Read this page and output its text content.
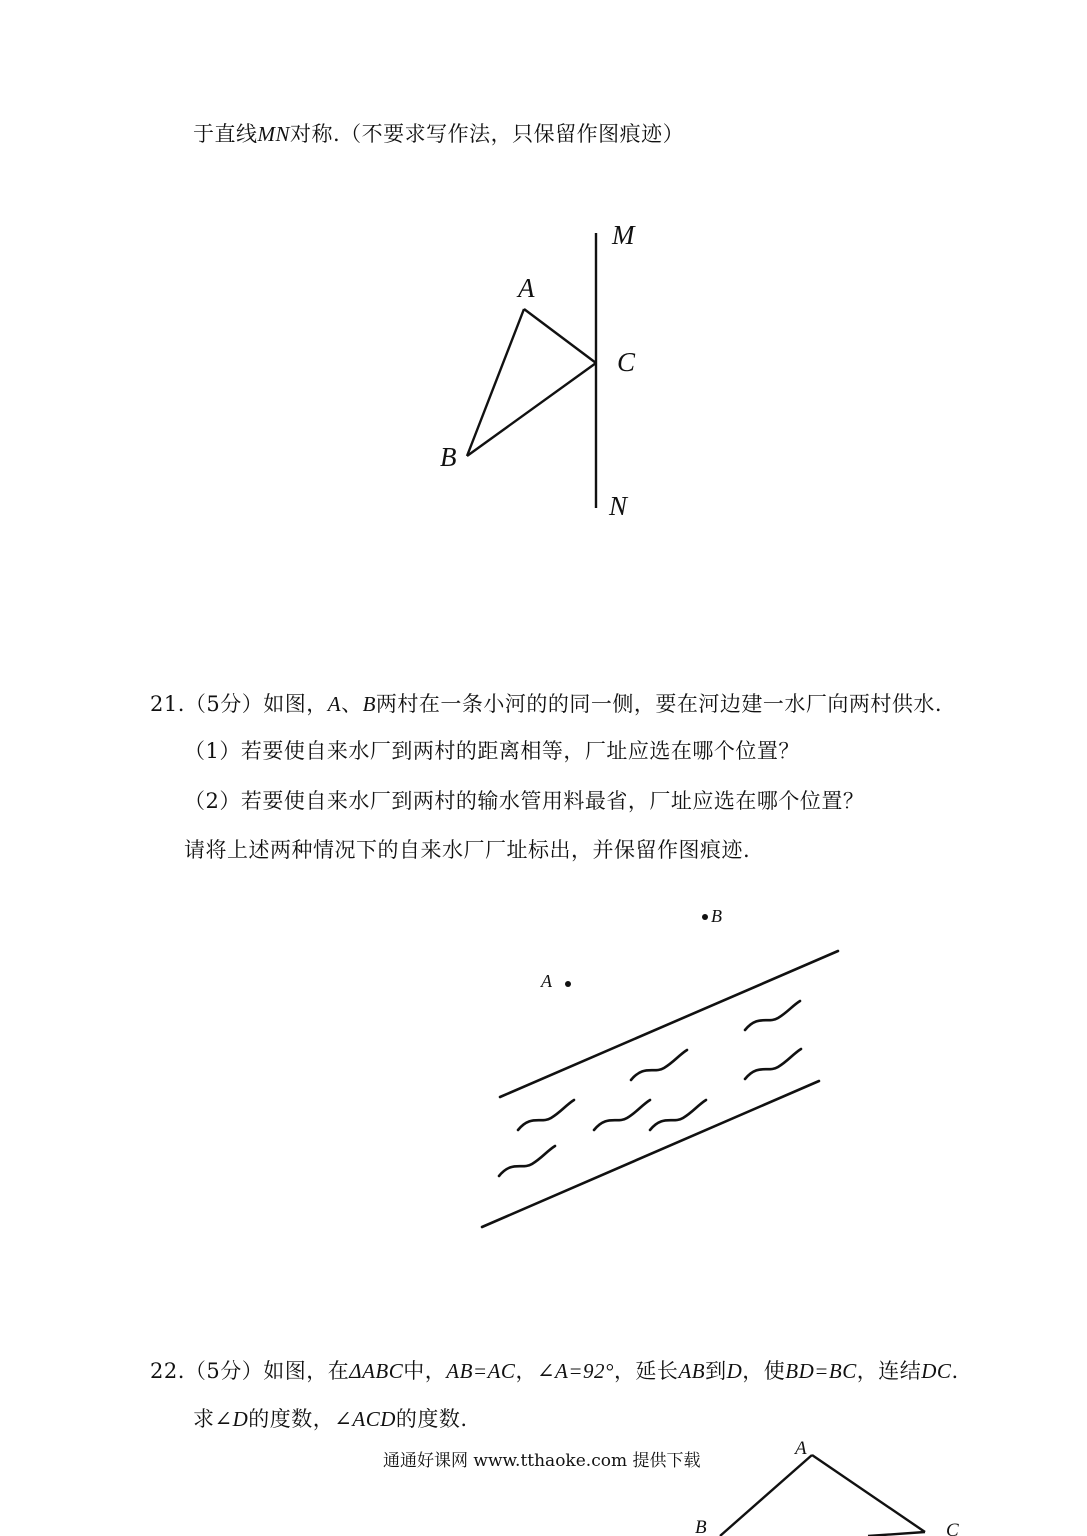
于直线MN对称.（不要求写作法，只保留作图痕迹）
M
A
C
B
N
B
A
A
B	C
21.（5分）如图，A、B两村在一条小河的的同一侧，要在河边建一水厂向两村供水.
（1）若要使自来水厂到两村的距离相等，厂址应选在哪个位置？
（2）若要使自来水厂到两村的输水管用料最省，厂址应选在哪个位置？
请将上述两种情况下的自来水厂厂址标出，并保留作图痕迹.
22.（5分）如图，在ΔABC中，AB=AC，∠A=92°，延长AB到D，使BD=BC，连结DC.
求∠D的度数，∠ACD的度数.
通通好课网 www.tthaoke.com 提供下载
